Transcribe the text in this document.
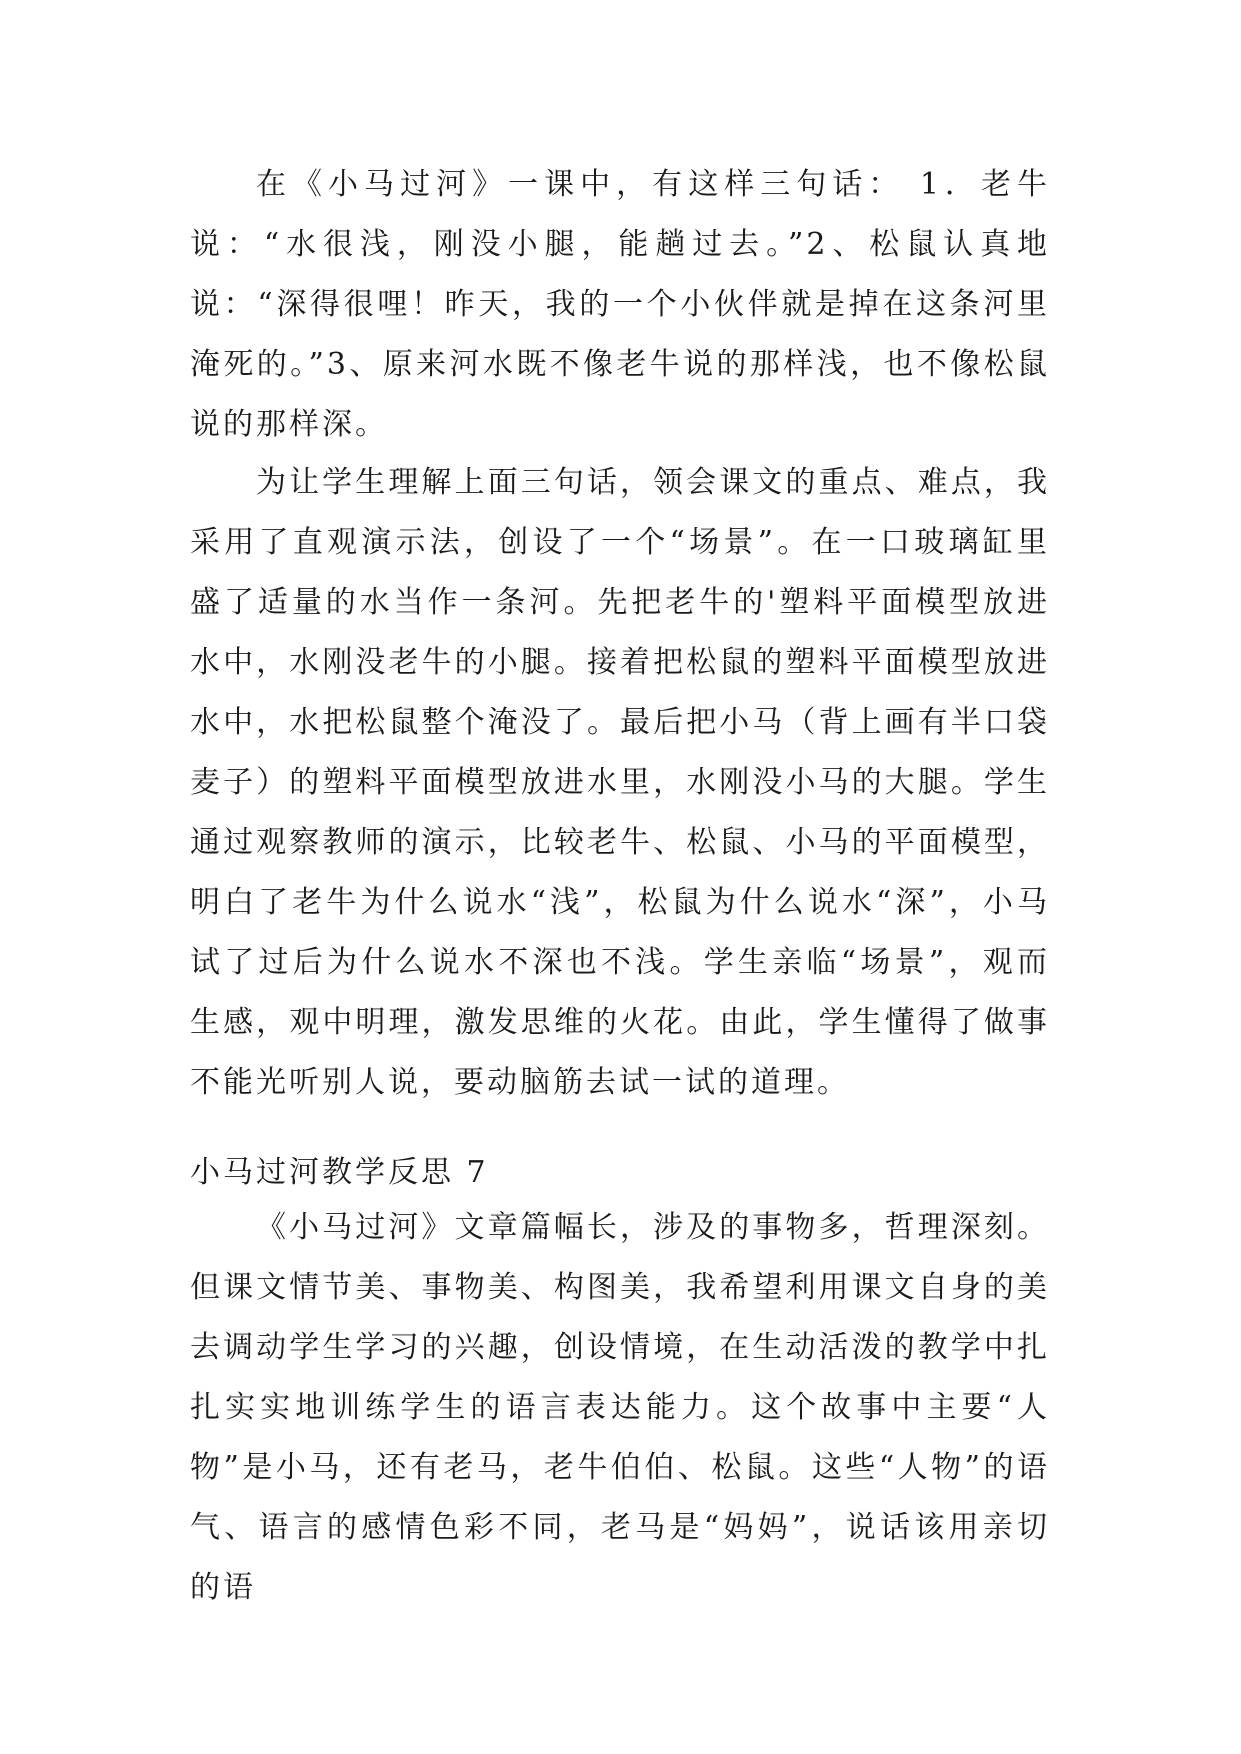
在《小马过河》一课中，有这样三句话： 1．老牛说：“水很浅，刚没小腿，能趟过去。”2、松鼠认真地说：“深得很哩！昨天，我的一个小伙伴就是掉在这条河里淹死的。”3、原来河水既不像老牛说的那样浅，也不像松鼠说的那样深。

为让学生理解上面三句话，领会课文的重点、难点，我采用了直观演示法，创设了一个“场景”。在一口玻璃缸里盛了适量的水当作一条河。先把老牛的'塑料平面模型放进水中，水刚没老牛的小腿。接着把松鼠的塑料平面模型放进水中，水把松鼠整个淹没了。最后把小马（背上画有半口袋麦子）的塑料平面模型放进水里，水刚没小马的大腿。学生通过观察教师的演示，比较老牛、松鼠、小马的平面模型，明白了老牛为什么说水“浅”，松鼠为什么说水“深”，小马试了过后为什么说水不深也不浅。学生亲临“场景”，观而生感，观中明理，激发思维的火花。由此，学生懂得了做事不能光听别人说，要动脑筋去试一试的道理。

小马过河教学反思 7

《小马过河》文章篇幅长，涉及的事物多，哲理深刻。但课文情节美、事物美、构图美，我希望利用课文自身的美去调动学生学习的兴趣，创设情境，在生动活泼的教学中扎扎实实地训练学生的语言表达能力。这个故事中主要“人物”是小马，还有老马，老牛伯伯、松鼠。这些“人物”的语气、语言的感情色彩不同，老马是“妈妈”，说话该用亲切的语
